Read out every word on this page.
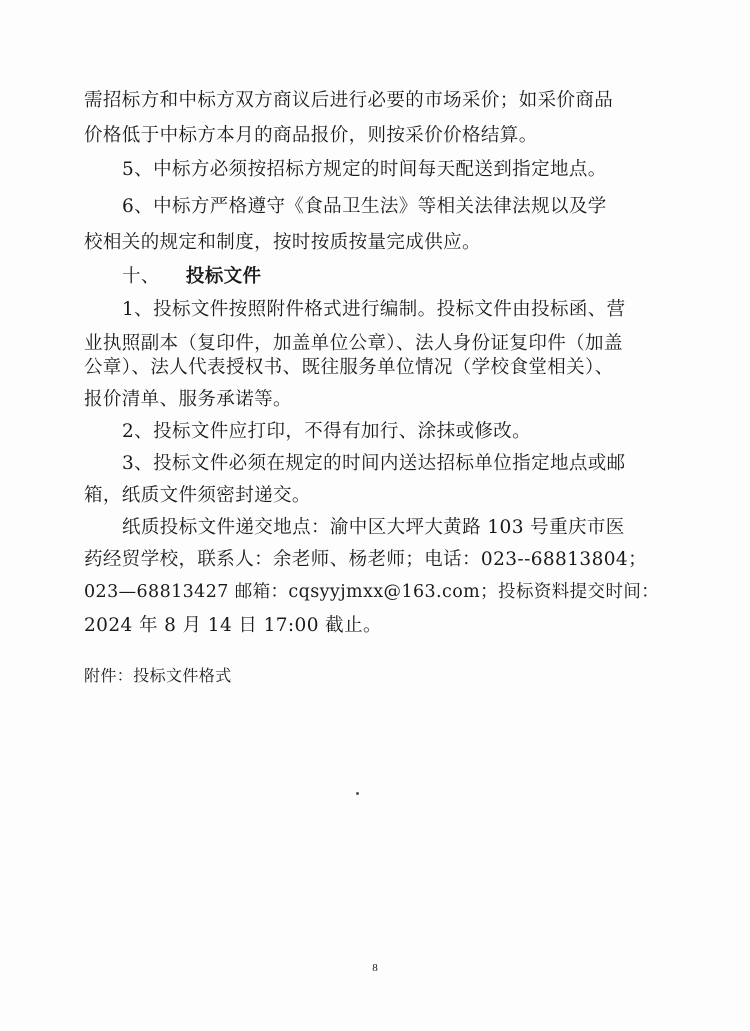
需招标方和中标方双方商议后进行必要的市场采价；如采价商品
价格低于中标方本月的商品报价，则按采价价格结算。
5、中标方必须按招标方规定的时间每天配送到指定地点。
6、中标方严格遵守《食品卫生法》等相关法律法规以及学
校相关的规定和制度，按时按质按量完成供应。
十、 投标文件
1、投标文件按照附件格式进行编制。投标文件由投标函、营
业执照副本（复印件，加盖单位公章）、法人身份证复印件（加盖
公章）、法人代表授权书、既往服务单位情况（学校食堂相关）、
报价清单、服务承诺等。
2、投标文件应打印，不得有加行、涂抹或修改。
3、投标文件必须在规定的时间内送达招标单位指定地点或邮
箱，纸质文件须密封递交。
纸质投标文件递交地点：渝中区大坪大黄路 103 号重庆市医
药经贸学校，联系人：余老师、杨老师；电话：023--68813804；
023—68813427 邮箱：cqsyyjmxx@163.com；投标资料提交时间：
2024 年 8 月 14 日 17:00 截止。
附件：投标文件格式
8
